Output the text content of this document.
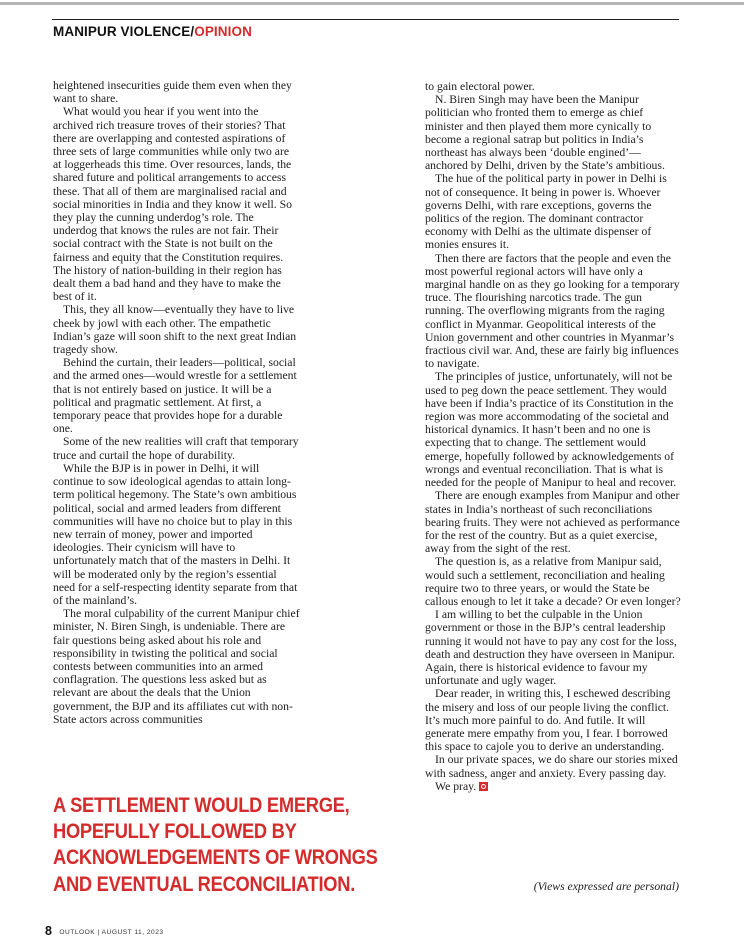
MANIPUR VIOLENCE/OPINION

heightened insecurities guide them even when they want to share.

What would you hear if you went into the archived rich treasure troves of their stories? That there are overlapping and contested aspirations of three sets of large communities while only two are at loggerheads this time. Over resources, lands, the shared future and political arrangements to access these. That all of them are marginalised racial and social minorities in India and they know it well. So they play the cunning underdog’s role. The underdog that knows the rules are not fair. Their social contract with the State is not built on the fairness and equity that the Constitution requires. The history of nation-building in their region has dealt them a bad hand and they have to make the best of it.

This, they all know—eventually they have to live cheek by jowl with each other. The empathetic Indian’s gaze will soon shift to the next great Indian tragedy show.

Behind the curtain, their leaders—political, social and the armed ones—would wrestle for a settlement that is not entirely based on justice. It will be a political and pragmatic settlement. At first, a temporary peace that provides hope for a durable one.

Some of the new realities will craft that temporary truce and curtail the hope of durability.

While the BJP is in power in Delhi, it will continue to sow ideological agendas to attain long-term political hegemony. The State’s own ambitious political, social and armed leaders from different communities will have no choice but to play in this new terrain of money, power and imported ideologies. Their cynicism will have to unfortunately match that of the masters in Delhi. It will be moderated only by the region’s essential need for a self-respecting identity separate from that of the mainland’s.

The moral culpability of the current Manipur chief minister, N. Biren Singh, is undeniable. There are fair questions being asked about his role and responsibility in twisting the political and social contests between communities into an armed conflagration. The questions less asked but as relevant are about the deals that the Union government, the BJP and its affiliates cut with non-State actors across communities

to gain electoral power.

N. Biren Singh may have been the Manipur politician who fronted them to emerge as chief minister and then played them more cynically to become a regional satrap but politics in India’s northeast has always been ‘double engined’—anchored by Delhi, driven by the State’s ambitious.

The hue of the political party in power in Delhi is not of consequence. It being in power is. Whoever governs Delhi, with rare exceptions, governs the politics of the region. The dominant contractor economy with Delhi as the ultimate dispenser of monies ensures it.

Then there are factors that the people and even the most powerful regional actors will have only a marginal handle on as they go looking for a temporary truce. The flourishing narcotics trade. The gun running. The overflowing migrants from the raging conflict in Myanmar. Geopolitical interests of the Union government and other countries in Myanmar’s fractious civil war. And, these are fairly big influences to navigate.

The principles of justice, unfortunately, will not be used to peg down the peace settlement. They would have been if India’s practice of its Constitution in the region was more accommodating of the societal and historical dynamics. It hasn’t been and no one is expecting that to change. The settlement would emerge, hopefully followed by acknowledgements of wrongs and eventual reconciliation. That is what is needed for the people of Manipur to heal and recover.

There are enough examples from Manipur and other states in India’s northeast of such reconciliations bearing fruits. They were not achieved as performance for the rest of the country. But as a quiet exercise, away from the sight of the rest.

The question is, as a relative from Manipur said, would such a settlement, reconciliation and healing require two to three years, or would the State be callous enough to let it take a decade? Or even longer?

I am willing to bet the culpable in the Union government or those in the BJP’s central leadership running it would not have to pay any cost for the loss, death and destruction they have overseen in Manipur. Again, there is historical evidence to favour my unfortunate and ugly wager.

Dear reader, in writing this, I eschewed describing the misery and loss of our people living the conflict. It’s much more painful to do. And futile. It will generate mere empathy from you, I fear. I borrowed this space to cajole you to derive an understanding.

In our private spaces, we do share our stories mixed with sadness, anger and anxiety. Every passing day.

We pray.

(Views expressed are personal)
A SETTLEMENT WOULD EMERGE, HOPEFULLY FOLLOWED BY ACKNOWLEDGEMENTS OF WRONGS AND EVENTUAL RECONCILIATION.
8 OUTLOOK | AUGUST 11, 2023
